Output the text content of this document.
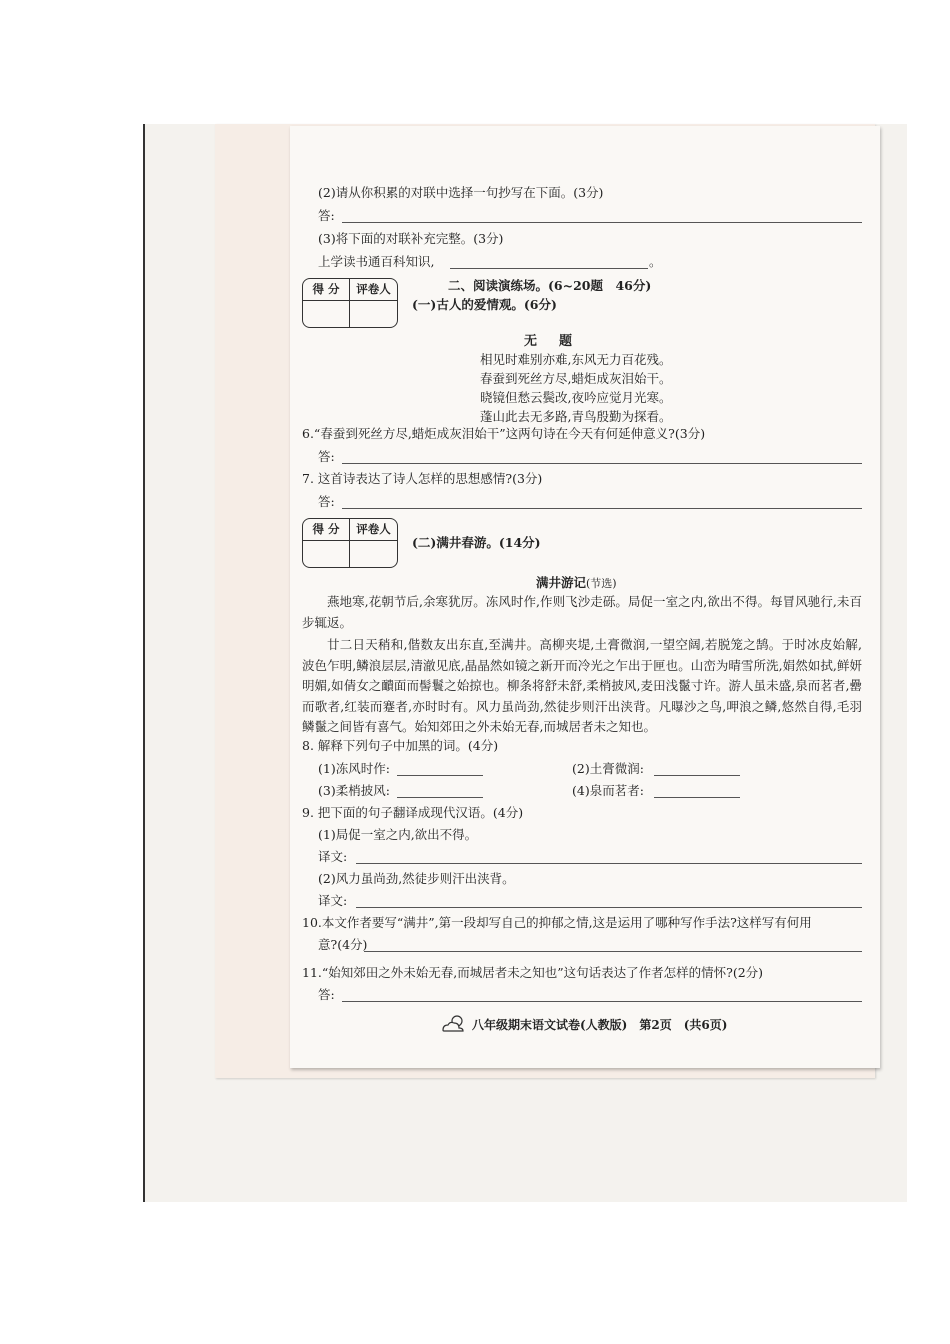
(2)请从你积累的对联中选择一句抄写在下面。(3分)
答:
(3)将下面的对联补充完整。(3分)
上学读书通百科知识,	。
得 分	评卷人	二、阅读演练场。(6~20题　46分)
(一)古人的爱情观。(6分)
无题
相见时难别亦难,东风无力百花残。
春蚕到死丝方尽,蜡炬成灰泪始干。
晓镜但愁云鬓改,夜吟应觉月光寒。
蓬山此去无多路,青鸟殷勤为探看。
6.“春蚕到死丝方尽,蜡炬成灰泪始干”这两句诗在今天有何延伸意义?(3分)
答:
7. 这首诗表达了诗人怎样的思想感情?(3分)
答:
得 分	评卷人
(二)满井春游。(14分)
满井游记(节选)
燕地寒,花朝节后,余寒犹厉。冻风时作,作则飞沙走砾。局促一室之内,欲出不得。每冒风驰行,未百步辄返。
廿二日天稍和,偕数友出东直,至满井。高柳夹堤,土膏微润,一望空阔,若脱笼之鹄。于时冰皮始解,波色乍明,鳞浪层层,清澈见底,晶晶然如镜之新开而冷光之乍出于匣也。山峦为晴雪所洗,娟然如拭,鲜妍明媚,如倩女之靧面而髻鬟之始掠也。柳条将舒未舒,柔梢披风,麦田浅鬣寸许。游人虽未盛,泉而茗者,罍而歌者,红装而蹇者,亦时时有。风力虽尚劲,然徒步则汗出浃背。凡曝沙之鸟,呷浪之鳞,悠然自得,毛羽鳞鬣之间皆有喜气。始知郊田之外未始无春,而城居者未之知也。
8. 解释下列句子中加黑的词。(4分)
(1)冻风时作:	(2)土膏微润:
(3)柔梢披风:	(4)泉而茗者:
9. 把下面的句子翻译成现代汉语。(4分)
(1)局促一室之内,欲出不得。
译文:
(2)风力虽尚劲,然徒步则汗出浃背。
译文:
10.本文作者要写“满井”,第一段却写自己的抑郁之情,这是运用了哪种写作手法?这样写有何用
意?(4分)
11.“始知郊田之外未始无春,而城居者未之知也”这句话表达了作者怎样的情怀?(2分)
答:
八年级期末语文试卷(人教版)　第2页　(共6页)
